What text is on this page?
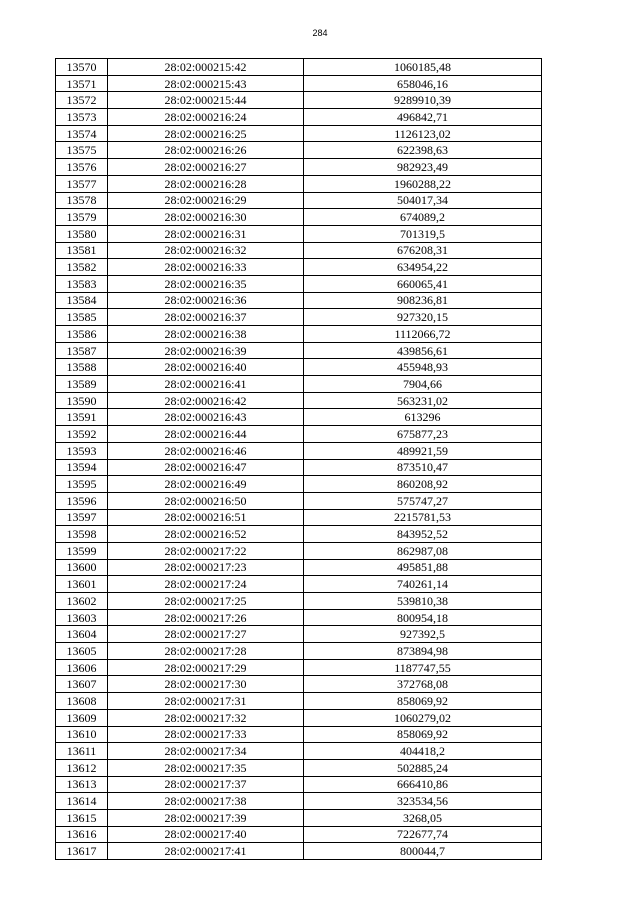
284
13570	28:02:000215:42	1060185,48
13571	28:02:000215:43	658046,16
13572	28:02:000215:44	9289910,39
13573	28:02:000216:24	496842,71
13574	28:02:000216:25	1126123,02
13575	28:02:000216:26	622398,63
13576	28:02:000216:27	982923,49
13577	28:02:000216:28	1960288,22
13578	28:02:000216:29	504017,34
13579	28:02:000216:30	674089,2
13580	28:02:000216:31	701319,5
13581	28:02:000216:32	676208,31
13582	28:02:000216:33	634954,22
13583	28:02:000216:35	660065,41
13584	28:02:000216:36	908236,81
13585	28:02:000216:37	927320,15
13586	28:02:000216:38	1112066,72
13587	28:02:000216:39	439856,61
13588	28:02:000216:40	455948,93
13589	28:02:000216:41	7904,66
13590	28:02:000216:42	563231,02
13591	28:02:000216:43	613296
13592	28:02:000216:44	675877,23
13593	28:02:000216:46	489921,59
13594	28:02:000216:47	873510,47
13595	28:02:000216:49	860208,92
13596	28:02:000216:50	575747,27
13597	28:02:000216:51	2215781,53
13598	28:02:000216:52	843952,52
13599	28:02:000217:22	862987,08
13600	28:02:000217:23	495851,88
13601	28:02:000217:24	740261,14
13602	28:02:000217:25	539810,38
13603	28:02:000217:26	800954,18
13604	28:02:000217:27	927392,5
13605	28:02:000217:28	873894,98
13606	28:02:000217:29	1187747,55
13607	28:02:000217:30	372768,08
13608	28:02:000217:31	858069,92
13609	28:02:000217:32	1060279,02
13610	28:02:000217:33	858069,92
13611	28:02:000217:34	404418,2
13612	28:02:000217:35	502885,24
13613	28:02:000217:37	666410,86
13614	28:02:000217:38	323534,56
13615	28:02:000217:39	3268,05
13616	28:02:000217:40	722677,74
13617	28:02:000217:41	800044,7
